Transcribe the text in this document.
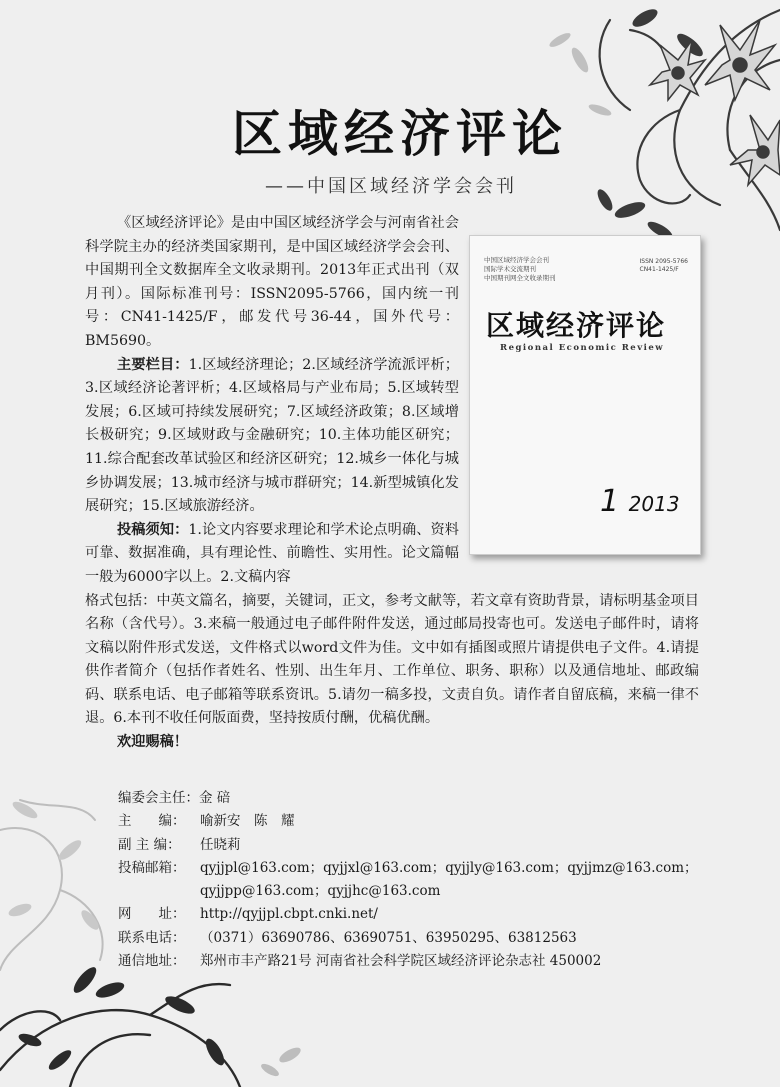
区域经济评论
——中国区域经济学会会刊
中国区域经济学会会刊
国际学术交流期刊
中国期刊网全文收录期刊
ISSN 2095-5766
CN41-1425/F
区域经济评论
Regional Economic Review
1 2013

《区域经济评论》是由中国区域经济学会与河南省社会科学院主办的经济类国家期刊，是中国区域经济学会会刊、中国期刊全文数据库全文收录期刊。2013年正式出刊（双月刊）。国际标准刊号：ISSN2095-5766，国内统一刊号：CN41-1425/F，邮发代号36-44，国外代号：BM5690。

主要栏目：1.区域经济理论；2.区域经济学流派评析；3.区域经济论著评析；4.区域格局与产业布局；5.区域转型发展；6.区域可持续发展研究；7.区域经济政策；8.区域增长极研究；9.区域财政与金融研究；10.主体功能区研究；11.综合配套改革试验区和经济区研究；12.城乡一体化与城乡协调发展；13.城市经济与城市群研究；14.新型城镇化发展研究；15.区域旅游经济。

投稿须知：1.论文内容要求理论和学术论点明确、资料可靠、数据准确，具有理论性、前瞻性、实用性。论文篇幅一般为6000字以上。2.文稿内容

格式包括：中英文篇名，摘要，关键词，正文，参考文献等，若文章有资助背景，请标明基金项目名称（含代号）。3.来稿一般通过电子邮件附件发送，通过邮局投寄也可。发送电子邮件时，请将文稿以附件形式发送，文件格式以word文件为佳。文中如有插图或照片请提供电子文件。4.请提供作者简介（包括作者姓名、性别、出生年月、工作单位、职务、职称）以及通信地址、邮政编码、联系电话、电子邮箱等联系资讯。5.请勿一稿多投，文责自负。请作者自留底稿，来稿一律不退。6.本刊不收任何版面费，坚持按质付酬，优稿优酬。

欢迎赐稿！

编委会主任： 金 碚
主　　编：	喻新安　陈　耀
副 主 编：	任晓莉
投稿邮箱：	qyjjpl@163.com；qyjjxl@163.com；qyjjly@163.com；qyjjmz@163.com；
qyjjpp@163.com；qyjjhc@163.com
网　　址：	http://qyjjpl.cbpt.cnki.net/
联系电话：	（0371）63690786、63690751、63950295、63812563
通信地址：	郑州市丰产路21号 河南省社会科学院区域经济评论杂志社 450002
